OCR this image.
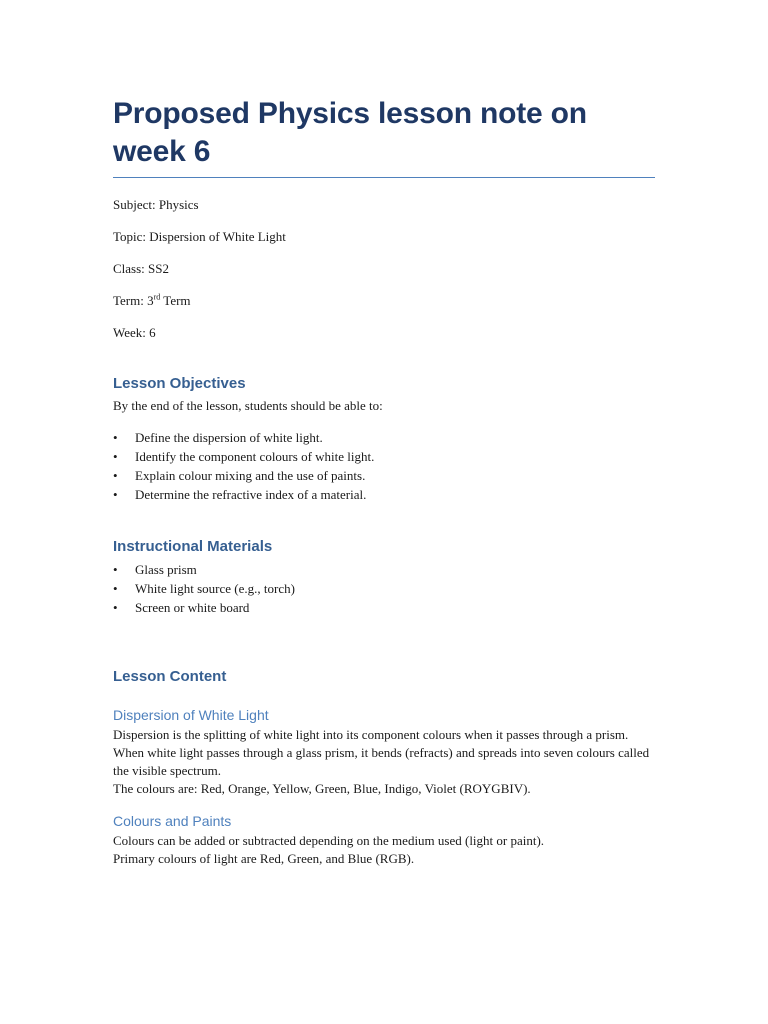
Proposed Physics lesson note on week 6

Subject: Physics

Topic: Dispersion of White Light

Class: SS2

Term: 3rd Term

Week: 6

Lesson Objectives

By the end of the lesson, students should be able to:

• Define the dispersion of white light.
• Identify the component colours of white light.
• Explain colour mixing and the use of paints.
• Determine the refractive index of a material.
Instructional Materials
• Glass prism
• White light source (e.g., torch)
• Screen or white board
Lesson Content
Dispersion of White Light

Dispersion is the splitting of white light into its component colours when it passes through a prism.

When white light passes through a glass prism, it bends (refracts) and spreads into seven colours called the visible spectrum.

The colours are: Red, Orange, Yellow, Green, Blue, Indigo, Violet (ROYGBIV).

Colours and Paints

Colours can be added or subtracted depending on the medium used (light or paint).

Primary colours of light are Red, Green, and Blue (RGB).
